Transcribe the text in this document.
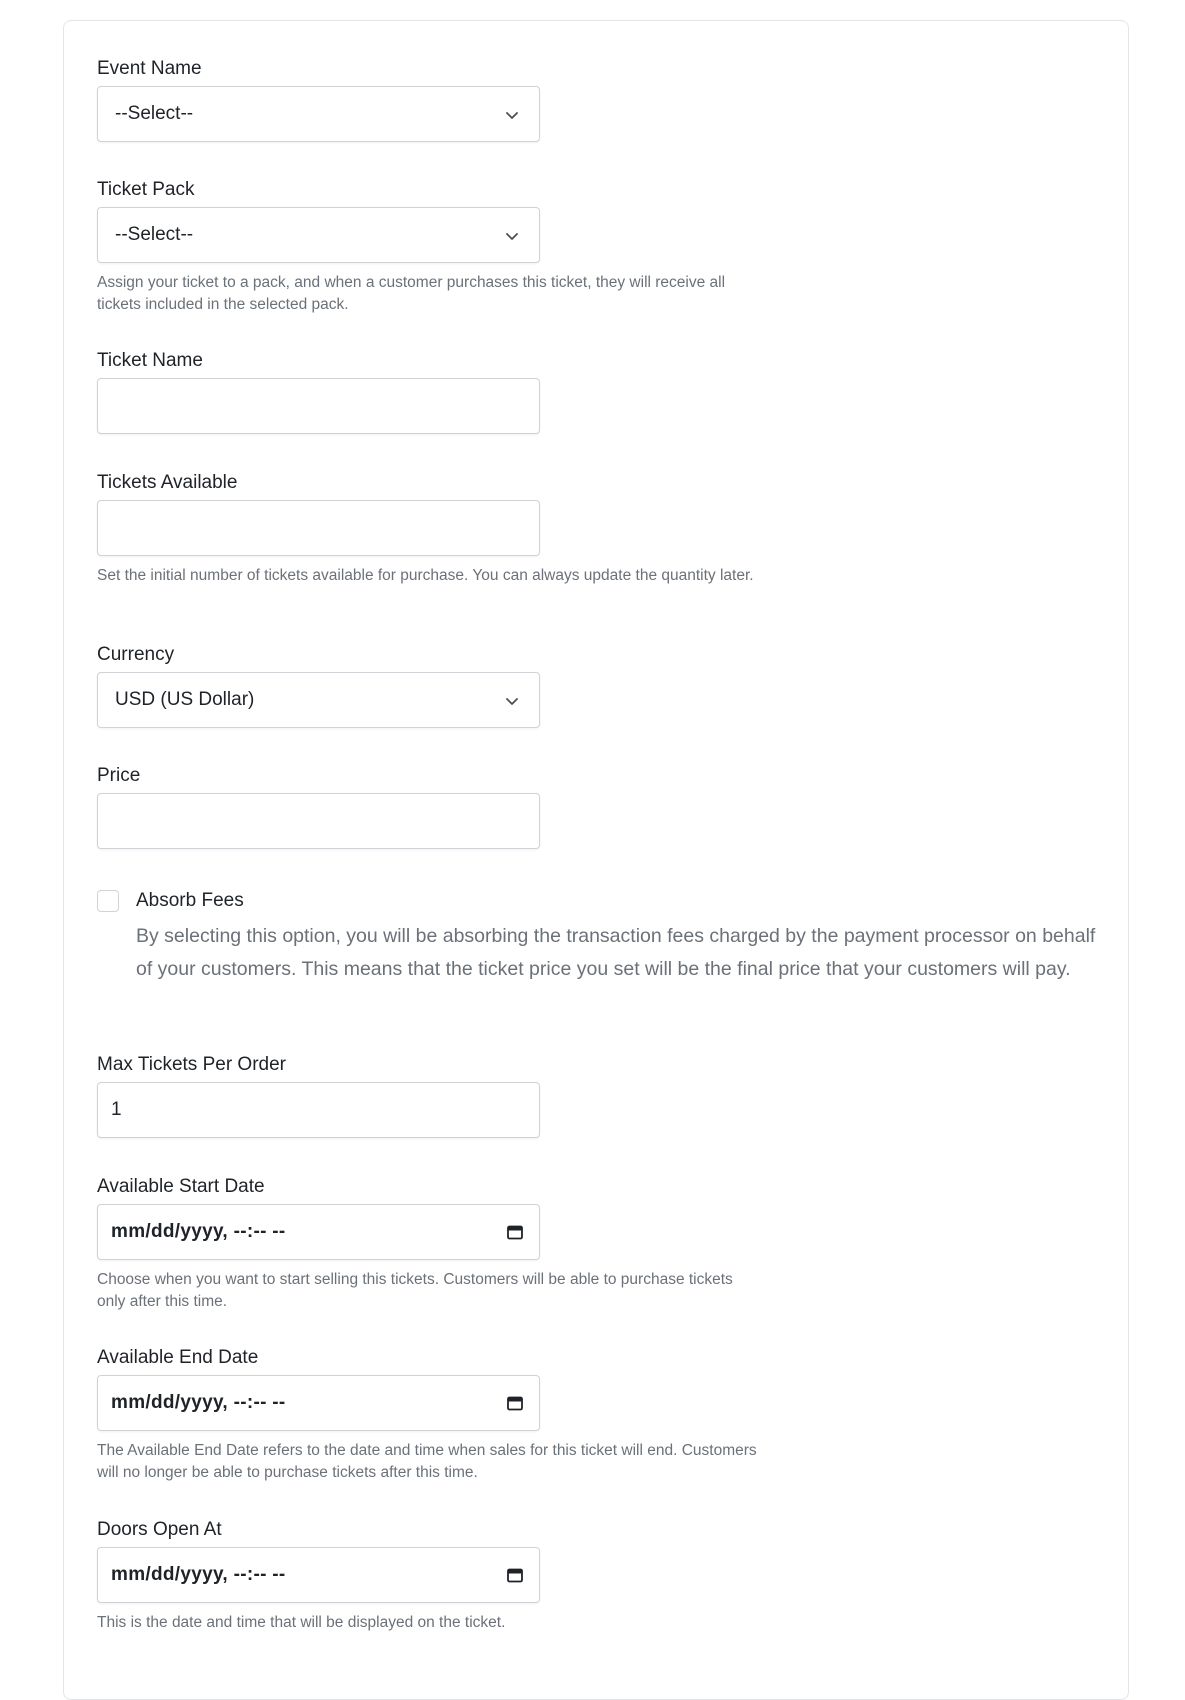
Event Name
--Select--
Ticket Pack
--Select--
Assign your ticket to a pack, and when a customer purchases this ticket, they will receive all tickets included in the selected pack.
Ticket Name
Tickets Available
Set the initial number of tickets available for purchase. You can always update the quantity later.
Currency
USD (US Dollar)
Price
Absorb Fees
By selecting this option, you will be absorbing the transaction fees charged by the payment processor on behalf of your customers. This means that the ticket price you set will be the final price that your customers will pay.
Max Tickets Per Order
1
Available Start Date
mm/dd/yyyy, --:-- --
Choose when you want to start selling this tickets. Customers will be able to purchase tickets only after this time.
Available End Date
mm/dd/yyyy, --:-- --
The Available End Date refers to the date and time when sales for this ticket will end. Customers will no longer be able to purchase tickets after this time.
Doors Open At
mm/dd/yyyy, --:-- --
This is the date and time that will be displayed on the ticket.
